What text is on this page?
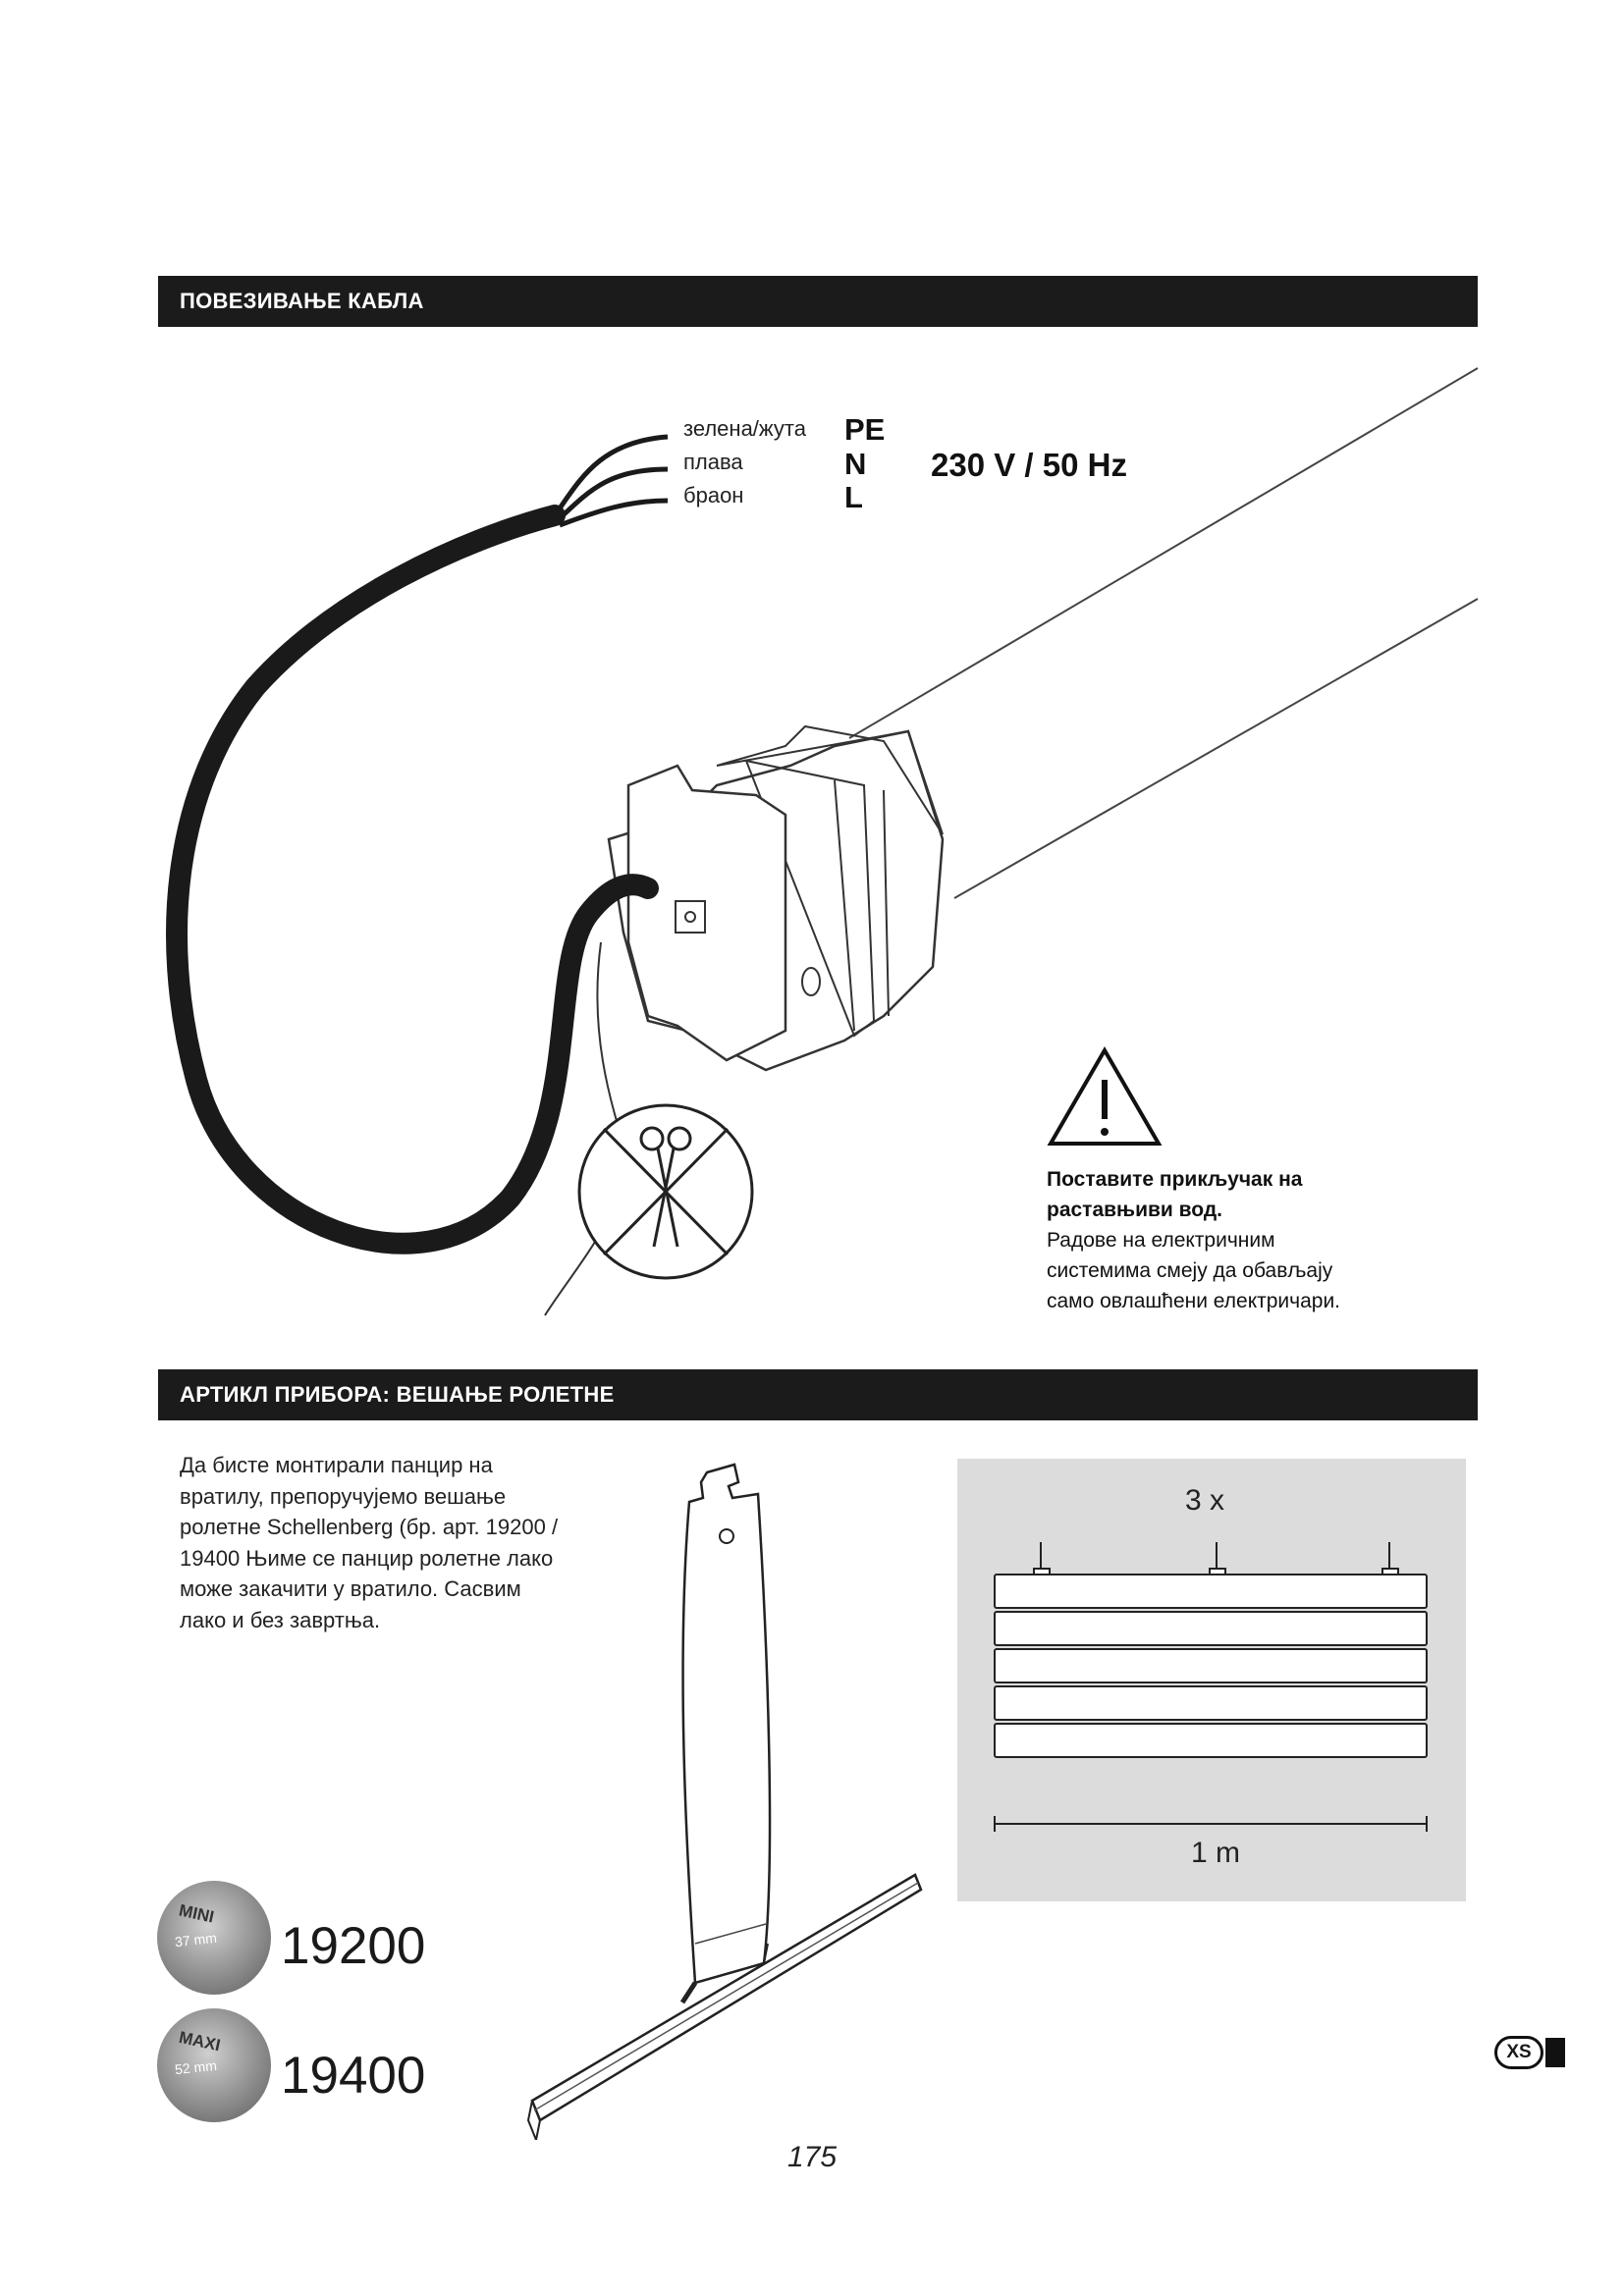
ПОВЕЗИВАЊЕ КАБЛА
зелена/жута
плава
браон
PE
N
L
230 V / 50 Hz
Поставите прикључак на
раставњиви вод.
Радове на електричним
системима смеју да обављају
само овлашћени електричари.
АРТИКЛ ПРИБОРА: ВЕШАЊЕ РОЛЕТНЕ
Да бисте монтирали панцир на
вратилу, препоручујемо вешање
ролетне Schellenberg (бр. арт. 19200 /
19400 Њиме се панцир ролетне лако
може закачити у вратило. Сасвим
лако и без завртња.
3 x
1 m
MINI
37 mm 19200
MAXI
52 mm 19400	XS
175
